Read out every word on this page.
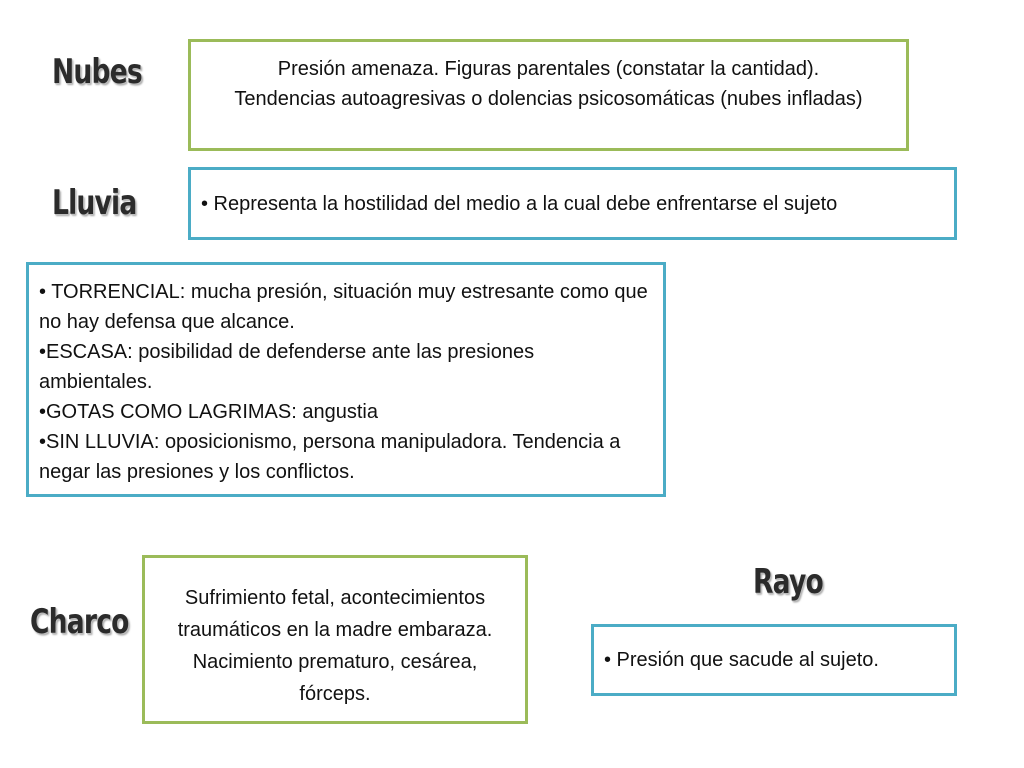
Nubes	Presión amenaza. Figuras parentales (constatar la cantidad). Tendencias autoagresivas o dolencias psicosomáticas (nubes infladas)
Lluvia	• Representa la hostilidad del medio a la cual debe enfrentarse el sujeto

• TORRENCIAL: mucha presión, situación muy estresante como que no hay defensa que alcance.

•ESCASA: posibilidad de defenderse ante las presiones ambientales.

•GOTAS COMO LAGRIMAS: angustia

•SIN LLUVIA: oposicionismo, persona manipuladora. Tendencia a negar las presiones y los conflictos.

Charco
Sufrimiento fetal, acontecimientos traumáticos en la madre embaraza. Nacimiento prematuro, cesárea, fórceps.
Rayo
• Presión que sacude al sujeto.
